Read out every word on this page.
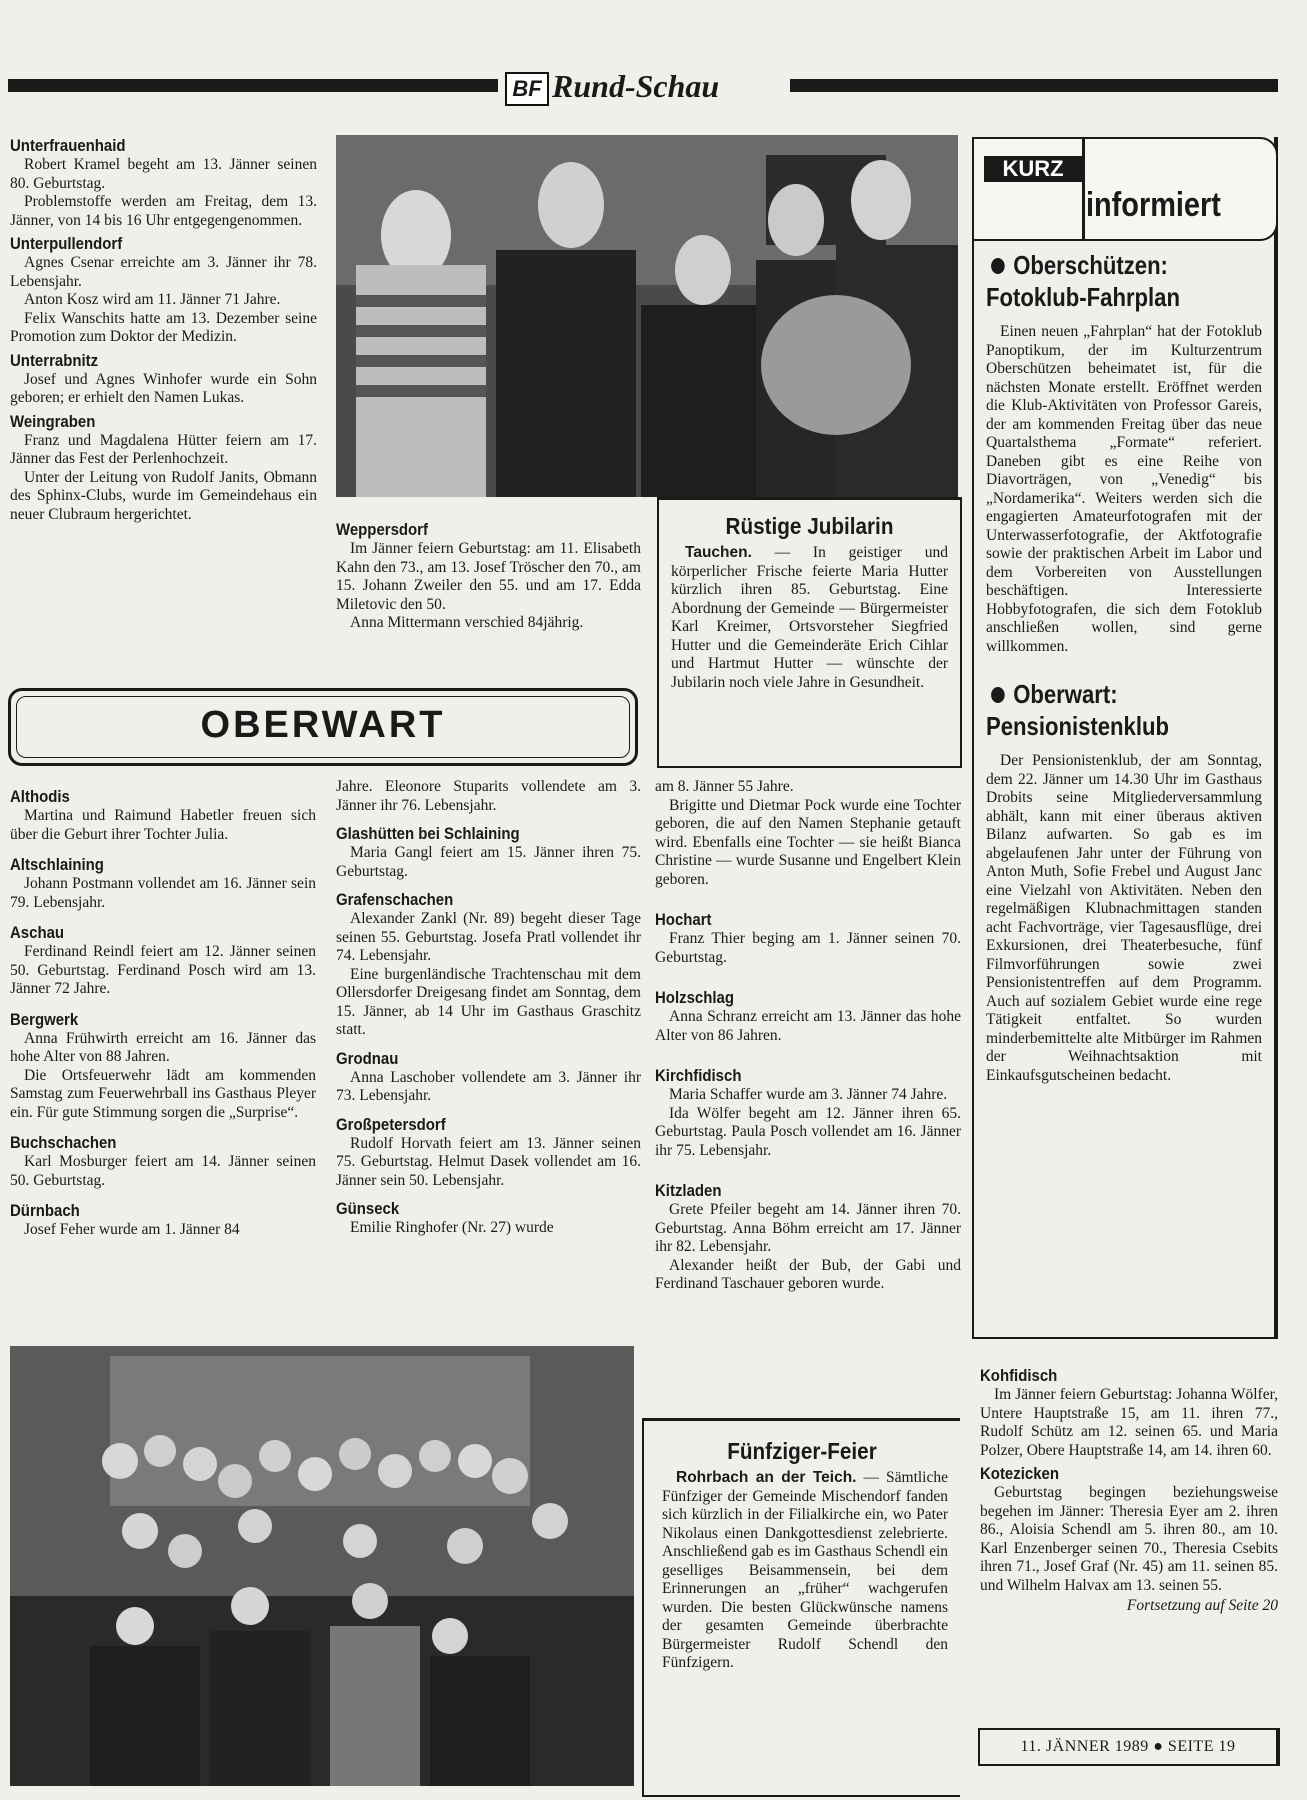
BF Rund-Schau
Unterfrauenhaid

Robert Kramel begeht am 13. Jänner seinen 80. Geburtstag.

Problemstoffe werden am Freitag, dem 13. Jänner, von 14 bis 16 Uhr entgegengenommen.

Unterpullendorf

Agnes Csenar erreichte am 3. Jänner ihr 78. Lebensjahr.

Anton Kosz wird am 11. Jänner 71 Jahre.

Felix Wanschits hatte am 13. Dezember seine Promotion zum Doktor der Medizin.

Unterrabnitz

Josef und Agnes Winhofer wurde ein Sohn geboren; er erhielt den Namen Lukas.

Weingraben

Franz und Magdalena Hütter feiern am 17. Jänner das Fest der Perlenhochzeit.

Unter der Leitung von Rudolf Janits, Obmann des Sphinx-Clubs, wurde im Gemeindehaus ein neuer Clubraum hergerichtet.

Weppersdorf

Im Jänner feiern Geburtstag: am 11. Elisabeth Kahn den 73., am 13. Josef Tröscher den 70., am 15. Johann Zweiler den 55. und am 17. Edda Miletovic den 50.

Anna Mittermann verschied 84jährig.

Rüstige Jubilarin

Tauchen. — In geistiger und körperlicher Frische feierte Maria Hutter kürzlich ihren 85. Geburtstag. Eine Abordnung der Gemeinde — Bürgermeister Karl Kreimer, Ortsvorsteher Siegfried Hutter und die Gemeinderäte Erich Cihlar und Hartmut Hutter — wünschte der Jubilarin noch viele Jahre in Gesundheit.

KURZ
informiert
Oberschützen:
Fotoklub-Fahrplan

Einen neuen „Fahrplan“ hat der Fotoklub Panoptikum, der im Kulturzentrum Oberschützen beheimatet ist, für die nächsten Monate erstellt. Eröffnet werden die Klub-Aktivitäten von Professor Gareis, der am kommenden Freitag über das neue Quartalsthema „Formate“ referiert. Daneben gibt es eine Reihe von Diavorträgen, von „Venedig“ bis „Nordamerika“. Weiters werden sich die engagierten Amateurfotografen mit der Unterwasserfotografie, der Aktfotografie sowie der praktischen Arbeit im Labor und dem Vorbereiten von Ausstellungen beschäftigen. Interessierte Hobbyfotografen, die sich dem Fotoklub anschließen wollen, sind gerne willkommen.

Oberwart:
Pensionistenklub

Der Pensionistenklub, der am Sonntag, dem 22. Jänner um 14.30 Uhr im Gasthaus Drobits seine Mitgliederversammlung abhält, kann mit einer überaus aktiven Bilanz aufwarten. So gab es im abgelaufenen Jahr unter der Führung von Anton Muth, Sofie Frebel und August Janc eine Vielzahl von Aktivitäten. Neben den regelmäßigen Klubnachmittagen standen acht Fachvorträge, vier Tagesausflüge, drei Exkursionen, drei Theaterbesuche, fünf Filmvorführungen sowie zwei Pensionistentreffen auf dem Programm. Auch auf sozialem Gebiet wurde eine rege Tätigkeit entfaltet. So wurden minderbemittelte alte Mitbürger im Rahmen der Weihnachtsaktion mit Einkaufsgutscheinen bedacht.

OBERWART
Althodis

Martina und Raimund Habetler freuen sich über die Geburt ihrer Tochter Julia.

Altschlaining

Johann Postmann vollendet am 16. Jänner sein 79. Lebensjahr.

Aschau

Ferdinand Reindl feiert am 12. Jänner seinen 50. Geburtstag. Ferdinand Posch wird am 13. Jänner 72 Jahre.

Bergwerk

Anna Frühwirth erreicht am 16. Jänner das hohe Alter von 88 Jahren.

Die Ortsfeuerwehr lädt am kommenden Samstag zum Feuerwehrball ins Gasthaus Pleyer ein. Für gute Stimmung sorgen die „Surprise“.

Buchschachen

Karl Mosburger feiert am 14. Jänner seinen 50. Geburtstag.

Dürnbach

Josef Feher wurde am 1. Jänner 84

Jahre. Eleonore Stuparits vollendete am 3. Jänner ihr 76. Lebensjahr.

Glashütten bei Schlaining

Maria Gangl feiert am 15. Jänner ihren 75. Geburtstag.

Grafenschachen

Alexander Zankl (Nr. 89) begeht dieser Tage seinen 55. Geburtstag. Josefa Pratl vollendet ihr 74. Lebensjahr.

Eine burgenländische Trachtenschau mit dem Ollersdorfer Dreigesang findet am Sonntag, dem 15. Jänner, ab 14 Uhr im Gasthaus Graschitz statt.

Grodnau

Anna Laschober vollendete am 3. Jänner ihr 73. Lebensjahr.

Großpetersdorf

Rudolf Horvath feiert am 13. Jänner seinen 75. Geburtstag. Helmut Dasek vollendet am 16. Jänner sein 50. Lebensjahr.

Günseck

Emilie Ringhofer (Nr. 27) wurde

am 8. Jänner 55 Jahre.

Brigitte und Dietmar Pock wurde eine Tochter geboren, die auf den Namen Stephanie getauft wird. Ebenfalls eine Tochter — sie heißt Bianca Christine — wurde Susanne und Engelbert Klein geboren.

Hochart

Franz Thier beging am 1. Jänner seinen 70. Geburtstag.

Holzschlag

Anna Schranz erreicht am 13. Jänner das hohe Alter von 86 Jahren.

Kirchfidisch

Maria Schaffer wurde am 3. Jänner 74 Jahre.

Ida Wölfer begeht am 12. Jänner ihren 65. Geburtstag. Paula Posch vollendet am 16. Jänner ihr 75. Lebensjahr.

Kitzladen

Grete Pfeiler begeht am 14. Jänner ihren 70. Geburtstag. Anna Böhm erreicht am 17. Jänner ihr 82. Lebensjahr.

Alexander heißt der Bub, der Gabi und Ferdinand Taschauer geboren wurde.

Fünfziger-Feier

Rohrbach an der Teich. — Sämtliche Fünfziger der Gemeinde Mischendorf fanden sich kürzlich in der Filialkirche ein, wo Pater Nikolaus einen Dankgottesdienst zelebrierte. Anschließend gab es im Gasthaus Schendl ein geselliges Beisammensein, bei dem Erinnerungen an „früher“ wachgerufen wurden. Die besten Glückwünsche namens der gesamten Gemeinde überbrachte Bürgermeister Rudolf Schendl den Fünfzigern.

Kohfidisch

Im Jänner feiern Geburtstag: Johanna Wölfer, Untere Hauptstraße 15, am 11. ihren 77., Rudolf Schütz am 12. seinen 65. und Maria Polzer, Obere Hauptstraße 14, am 14. ihren 60.

Kotezicken

Geburtstag begingen beziehungsweise begehen im Jänner: Theresia Eyer am 2. ihren 86., Aloisia Schendl am 5. ihren 80., am 10. Karl Enzenberger seinen 70., Theresia Csebits ihren 71., Josef Graf (Nr. 45) am 11. seinen 85. und Wilhelm Halvax am 13. seinen 55.

Fortsetzung auf Seite 20

11. JÄNNER 1989 ● SEITE 19
